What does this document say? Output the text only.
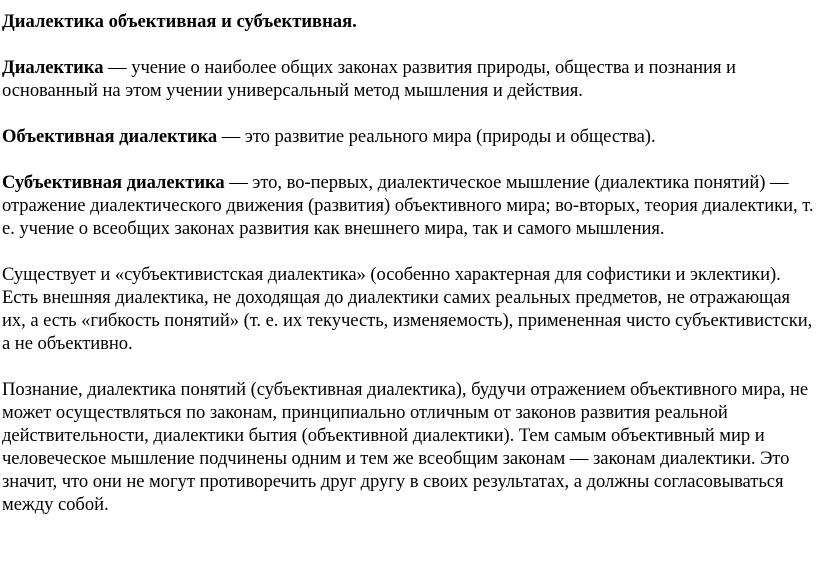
Диалектика объективная и субъективная.

Диалектика — учение о наиболее общих законах развития природы, общества и познания и основанный на этом учении универсальный метод мышления и действия.

Объективная диалектика — это развитие реального мира (природы и общества).

Субъективная диалектика — это, во-первых, диалектическое мышление (диалектика понятий) — отражение диалектического движения (развития) объективного мира; во-вторых, теория диалектики, т. е. учение о всеобщих законах развития как внешнего мира, так и самого мышления.

Существует и «субъективистская диалектика» (особенно характерная для софистики и эклектики). Есть внешняя диалектика, не доходящая до диалектики самих реальных предметов, не отражающая их, а есть «гибкость понятий» (т. е. их текучесть, изменяемость), примененная чисто субъективистски, а не объективно.

Познание, диалектика понятий (субъективная диалектика), будучи отражением объективного мира, не может осуществляться по законам, принципиально отличным от законов развития реальной действительности, диалектики бытия (объективной диалектики). Тем самым объективный мир и человеческое мышление подчинены одним и тем же всеобщим законам — законам диалектики. Это значит, что они не могут противоречить друг другу в своих результатах, а должны согласовываться между собой.
